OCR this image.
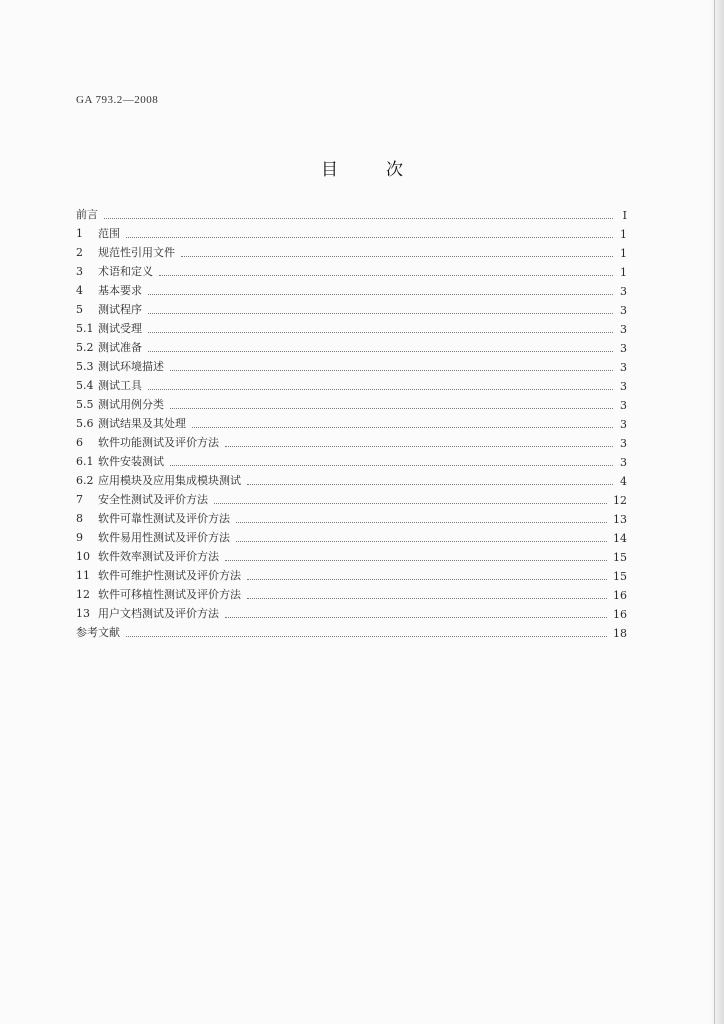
GA 793.2—2008
目	次
前言	I
1 范围	1
2 规范性引用文件	1
3 术语和定义	1
4 基本要求	3
5 测试程序	3
5.1 测试受理	3
5.2 测试准备	3
5.3 测试环境描述	3
5.4 测试工具	3
5.5 测试用例分类	3
5.6 测试结果及其处理	3
6 软件功能测试及评价方法	3
6.1 软件安装测试	3
6.2 应用模块及应用集成模块测试	4
7 安全性测试及评价方法	12
8 软件可靠性测试及评价方法	13
9 软件易用性测试及评价方法	14
10 软件效率测试及评价方法	15
11 软件可维护性测试及评价方法	15
12 软件可移植性测试及评价方法	16
13 用户文档测试及评价方法	16
参考文献	18
